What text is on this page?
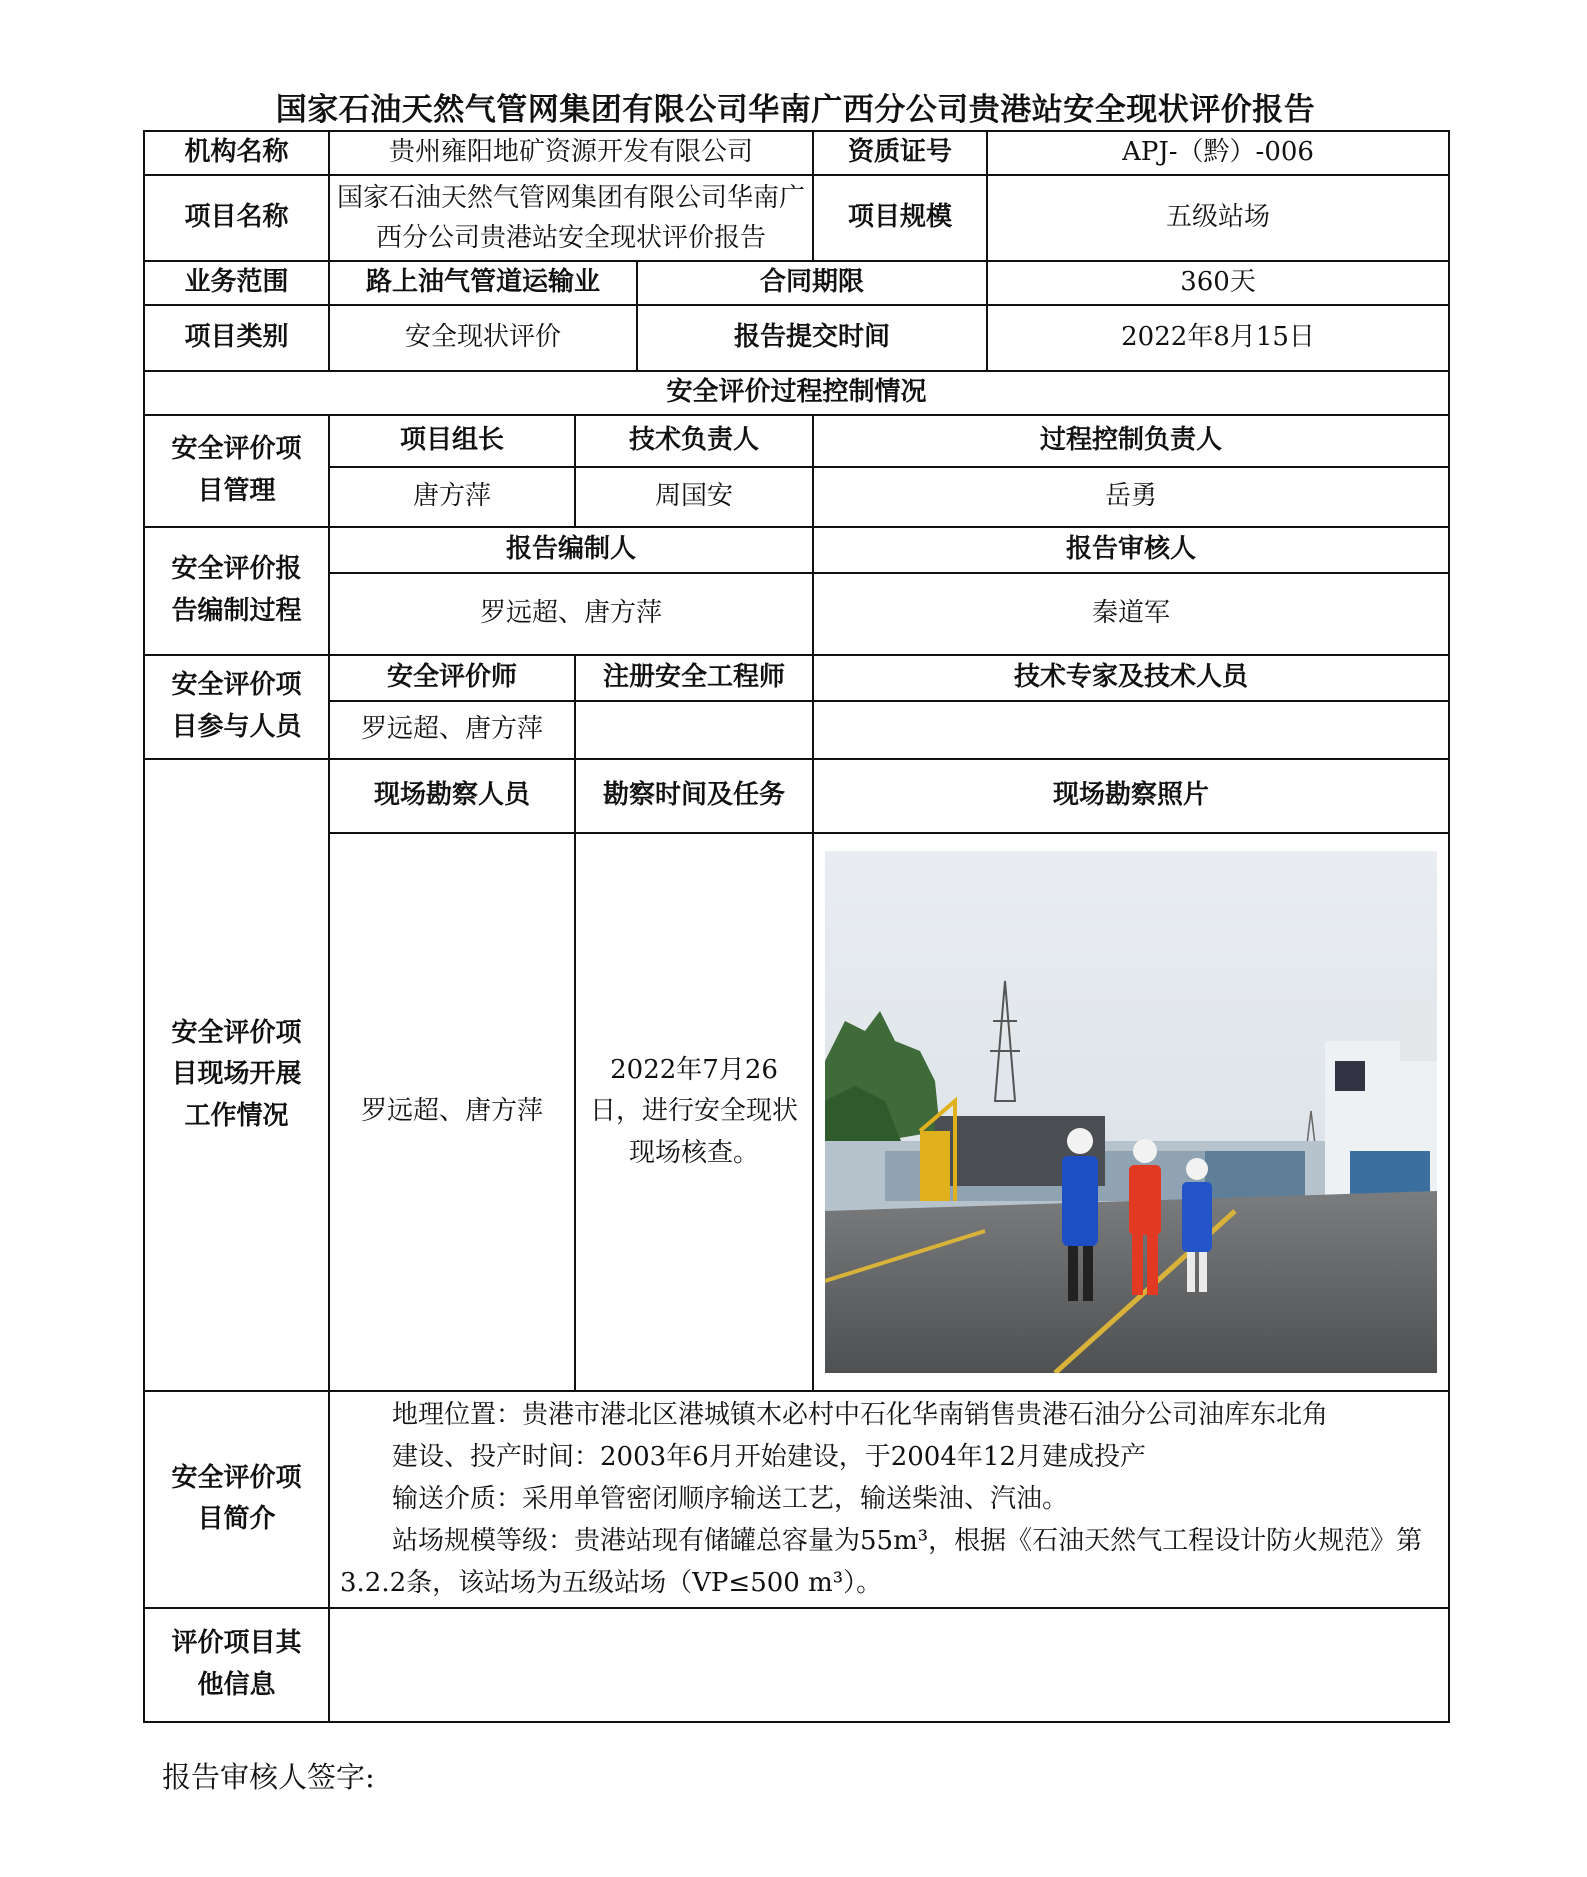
国家石油天然气管网集团有限公司华南广西分公司贵港站安全现状评价报告
机构名称	贵州雍阳地矿资源开发有限公司			资质证号	APJ-（黔）-006
项目名称	国家石油天然气管网集团有限公司华南广西分公司贵港站安全现状评价报告			项目规模	五级站场
业务范围	路上油气管道运输业		合同期限		360天
项目类别	安全现状评价		报告提交时间		2022年8月15日
安全评价过程控制情况					
安全评价项目管理	项目组长	技术负责人		过程控制负责人	
	唐方萍	周国安		岳勇	
安全评价报告编制过程	报告编制人			报告审核人	
	罗远超、唐方萍			秦道军	
安全评价项目参与人员	安全评价师	注册安全工程师		技术专家及技术人员	
	罗远超、唐方萍				
安全评价项目现场开展工作情况	现场勘察人员	勘察时间及任务		现场勘察照片	
	罗远超、唐方萍	2022年7月26日，进行安全现状现场核查。	

安全评价项目简介	地理位置：贵港市港北区港城镇木必村中石化华南销售贵港石油分公司油库东北角

建设、投产时间：2003年6月开始建设，于2004年12月建成投产

输送介质：采用单管密闭顺序输送工艺，输送柴油、汽油。

站场规模等级：贵港站现有储罐总容量为55m³，根据《石油天然气工程设计防火规范》第3.2.2条，该站场为五级站场（VP≤500 m³）。				

评价项目其他信息					
报告审核人签字:
